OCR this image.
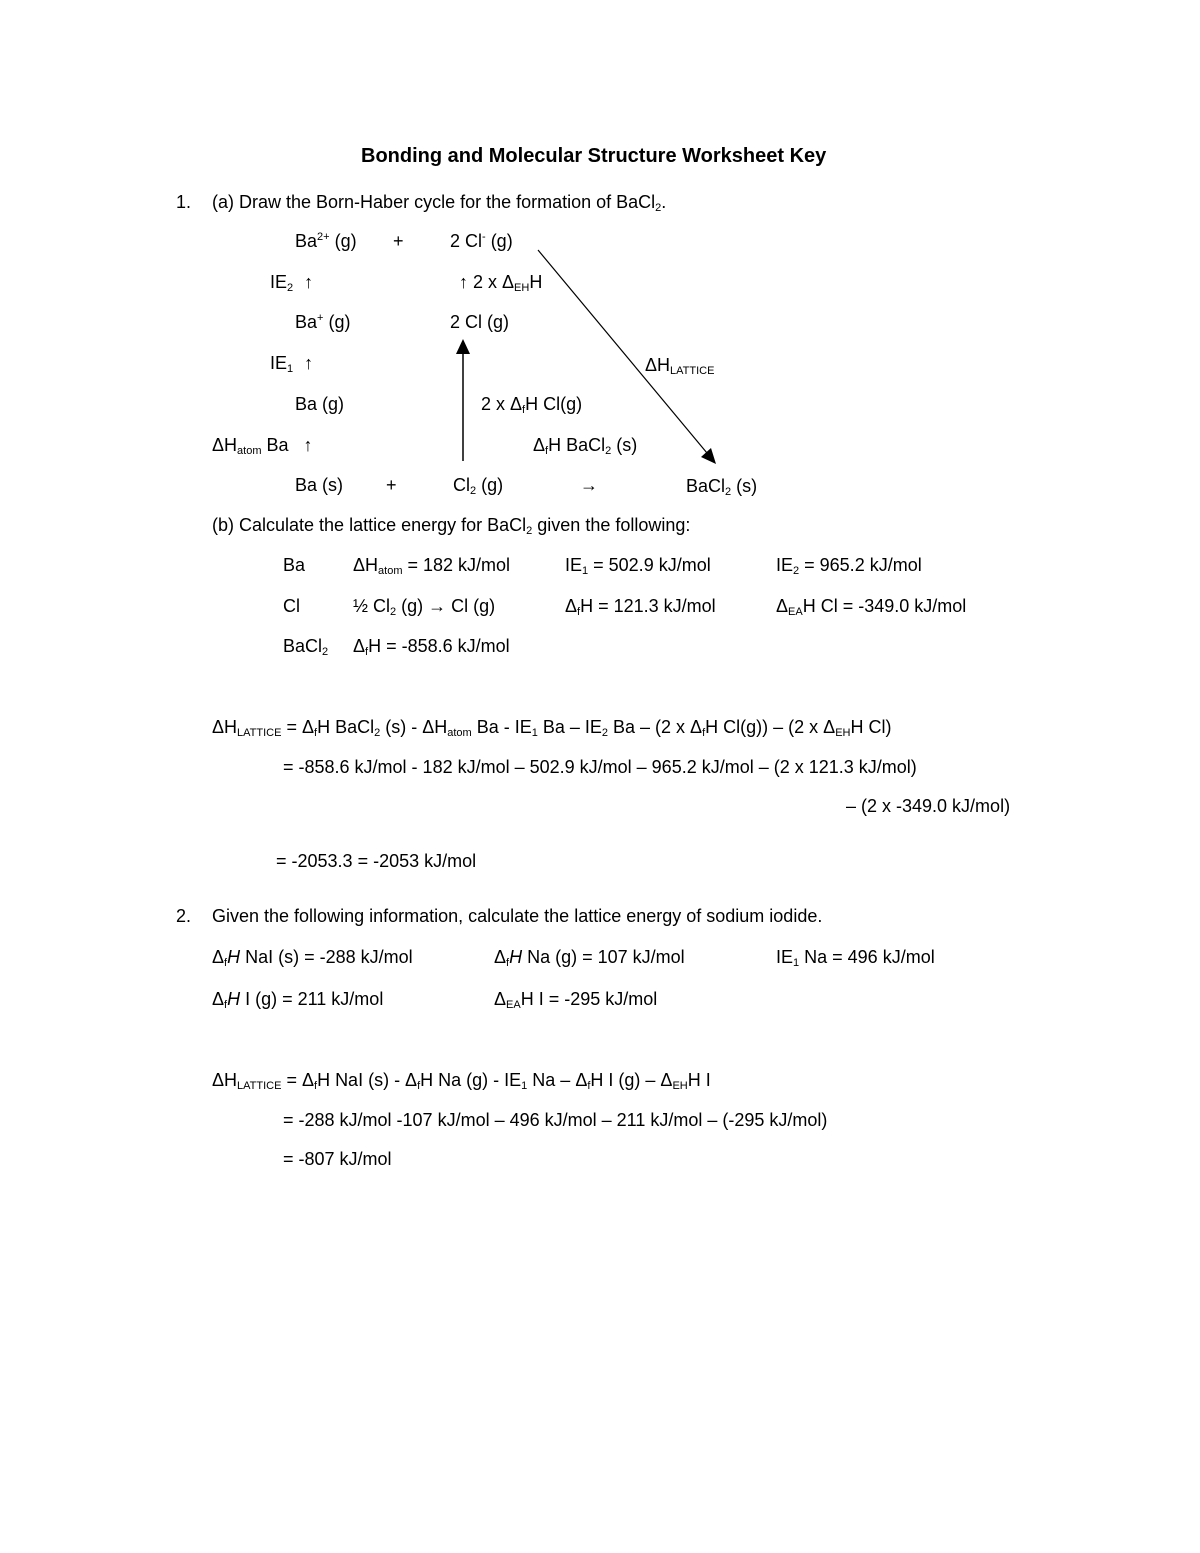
Bonding and Molecular Structure Worksheet Key
1. (a) Draw the Born-Haber cycle for the formation of BaCl$_2$.
$Ba^{2+}$ (g) +	2 Cl- (g)
$IE_2$ ↑	↑ 2 x $\Delta_{EH}H$
Ba+ (g)	2 Cl (g)
$IE_1$ ↑	$\Delta H_{LATTICE}$
Ba (g)	2 x $\Delta_fH$ Cl(g)
$\Delta H_{atom}$ Ba ↑	$\Delta_fH$ BaCl$_2$ (s)
Ba (s) +	$Cl_2$ (g)	→	BaCl$_2$ (s)
(b) Calculate the lattice energy for BaCl$_2$ given the following:
Ba	$\Delta H_{atom} = 182$ kJ/mol	$IE_1 = 502.9$ kJ/mol	$IE_2 = 965.2$ kJ/mol
Cl	½ $Cl_2$ (g) → Cl (g)	$\Delta_fH = 121.3$ kJ/mol	$\Delta_{EA}H$ Cl = -349.0 kJ/mol
BaCl$_2$ $\Delta_fH = -858.6$ kJ/mol
$\Delta H_{LATTICE} = \Delta_fH$ BaCl$_2$ $(s) - \Delta H_{atom}$ Ba - $IE_1$ Ba – $IE_2$ Ba – (2 x $\Delta_fH$ Cl(g)) – (2 x $\Delta_{EH}H$ Cl)
= -858.6 kJ/mol - 182 kJ/mol – 502.9 kJ/mol – 965.2 kJ/mol – (2 x 121.3 kJ/mol)
– (2 x -349.0 kJ/mol)
= -2053.3 = -2053 kJ/mol
2. Given the following information, calculate the lattice energy of sodium iodide.
$\Delta_fH$ NaI (s) = -288 kJ/mol	$\Delta_fH$ Na (g) = 107 kJ/mol	$IE_1$ Na = 496 kJ/mol
$\Delta_fH$ I (g) = 211 kJ/mol	$\Delta_{EA}H$ I = -295 kJ/mol
$\Delta H_{LATTICE} = \Delta_fH$ NaI $(s) - \Delta_fH$ Na $(g) - IE_1$ Na – $\Delta_fH$ I $(g) - \Delta_{EH}H$ I
= -288 kJ/mol -107 kJ/mol – 496 kJ/mol – 211 kJ/mol – (-295 kJ/mol)
= -807 kJ/mol
